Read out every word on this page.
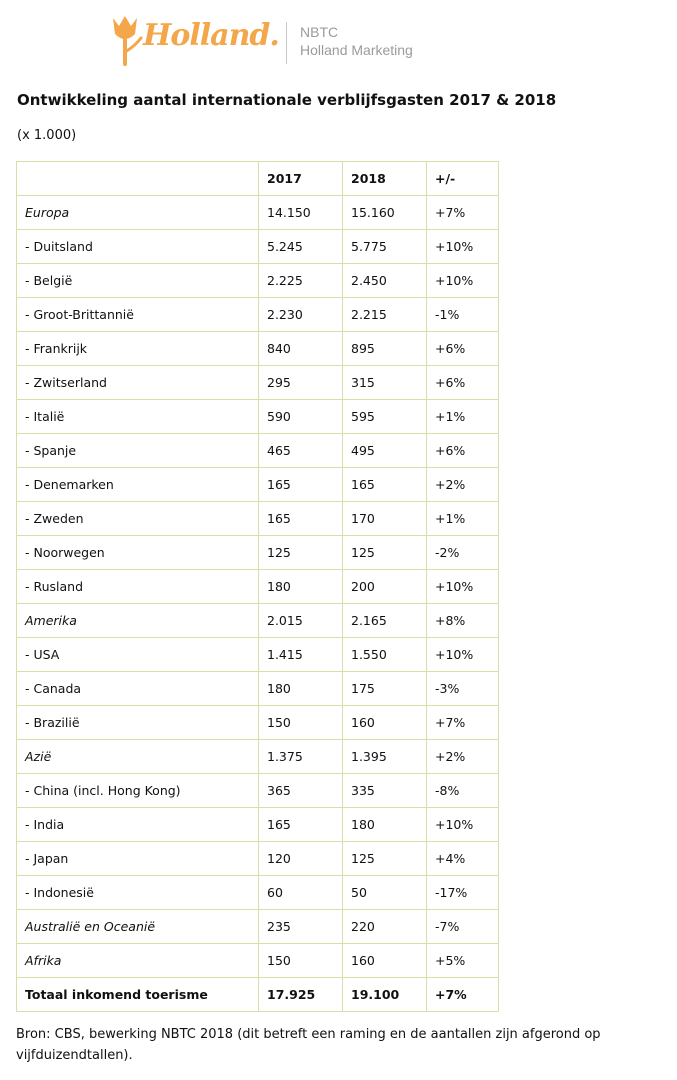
Holland. NBTC
Holland Marketing
Ontwikkeling aantal internationale verblijfsgasten 2017 & 2018

(x 1.000)

	2017	2018	+/-
Europa	14.150	15.160	+7%
- Duitsland	5.245	5.775	+10%
- België	2.225	2.450	+10%
- Groot-Brittannië	2.230	2.215	-1%
- Frankrijk	840	895	+6%
- Zwitserland	295	315	+6%
- Italië	590	595	+1%
- Spanje	465	495	+6%
- Denemarken	165	165	+2%
- Zweden	165	170	+1%
- Noorwegen	125	125	-2%
- Rusland	180	200	+10%
Amerika	2.015	2.165	+8%
- USA	1.415	1.550	+10%
- Canada	180	175	-3%
- Brazilië	150	160	+7%
Azië	1.375	1.395	+2%
- China (incl. Hong Kong)	365	335	-8%
- India	165	180	+10%
- Japan	120	125	+4%
- Indonesië	60	50	-17%
Australië en Oceanië	235	220	-7%
Afrika	150	160	+5%
Totaal inkomend toerisme	17.925	19.100	+7%

Bron: CBS, bewerking NBTC 2018 (dit betreft een raming en de aantallen zijn afgerond op vijfduizendtallen).
